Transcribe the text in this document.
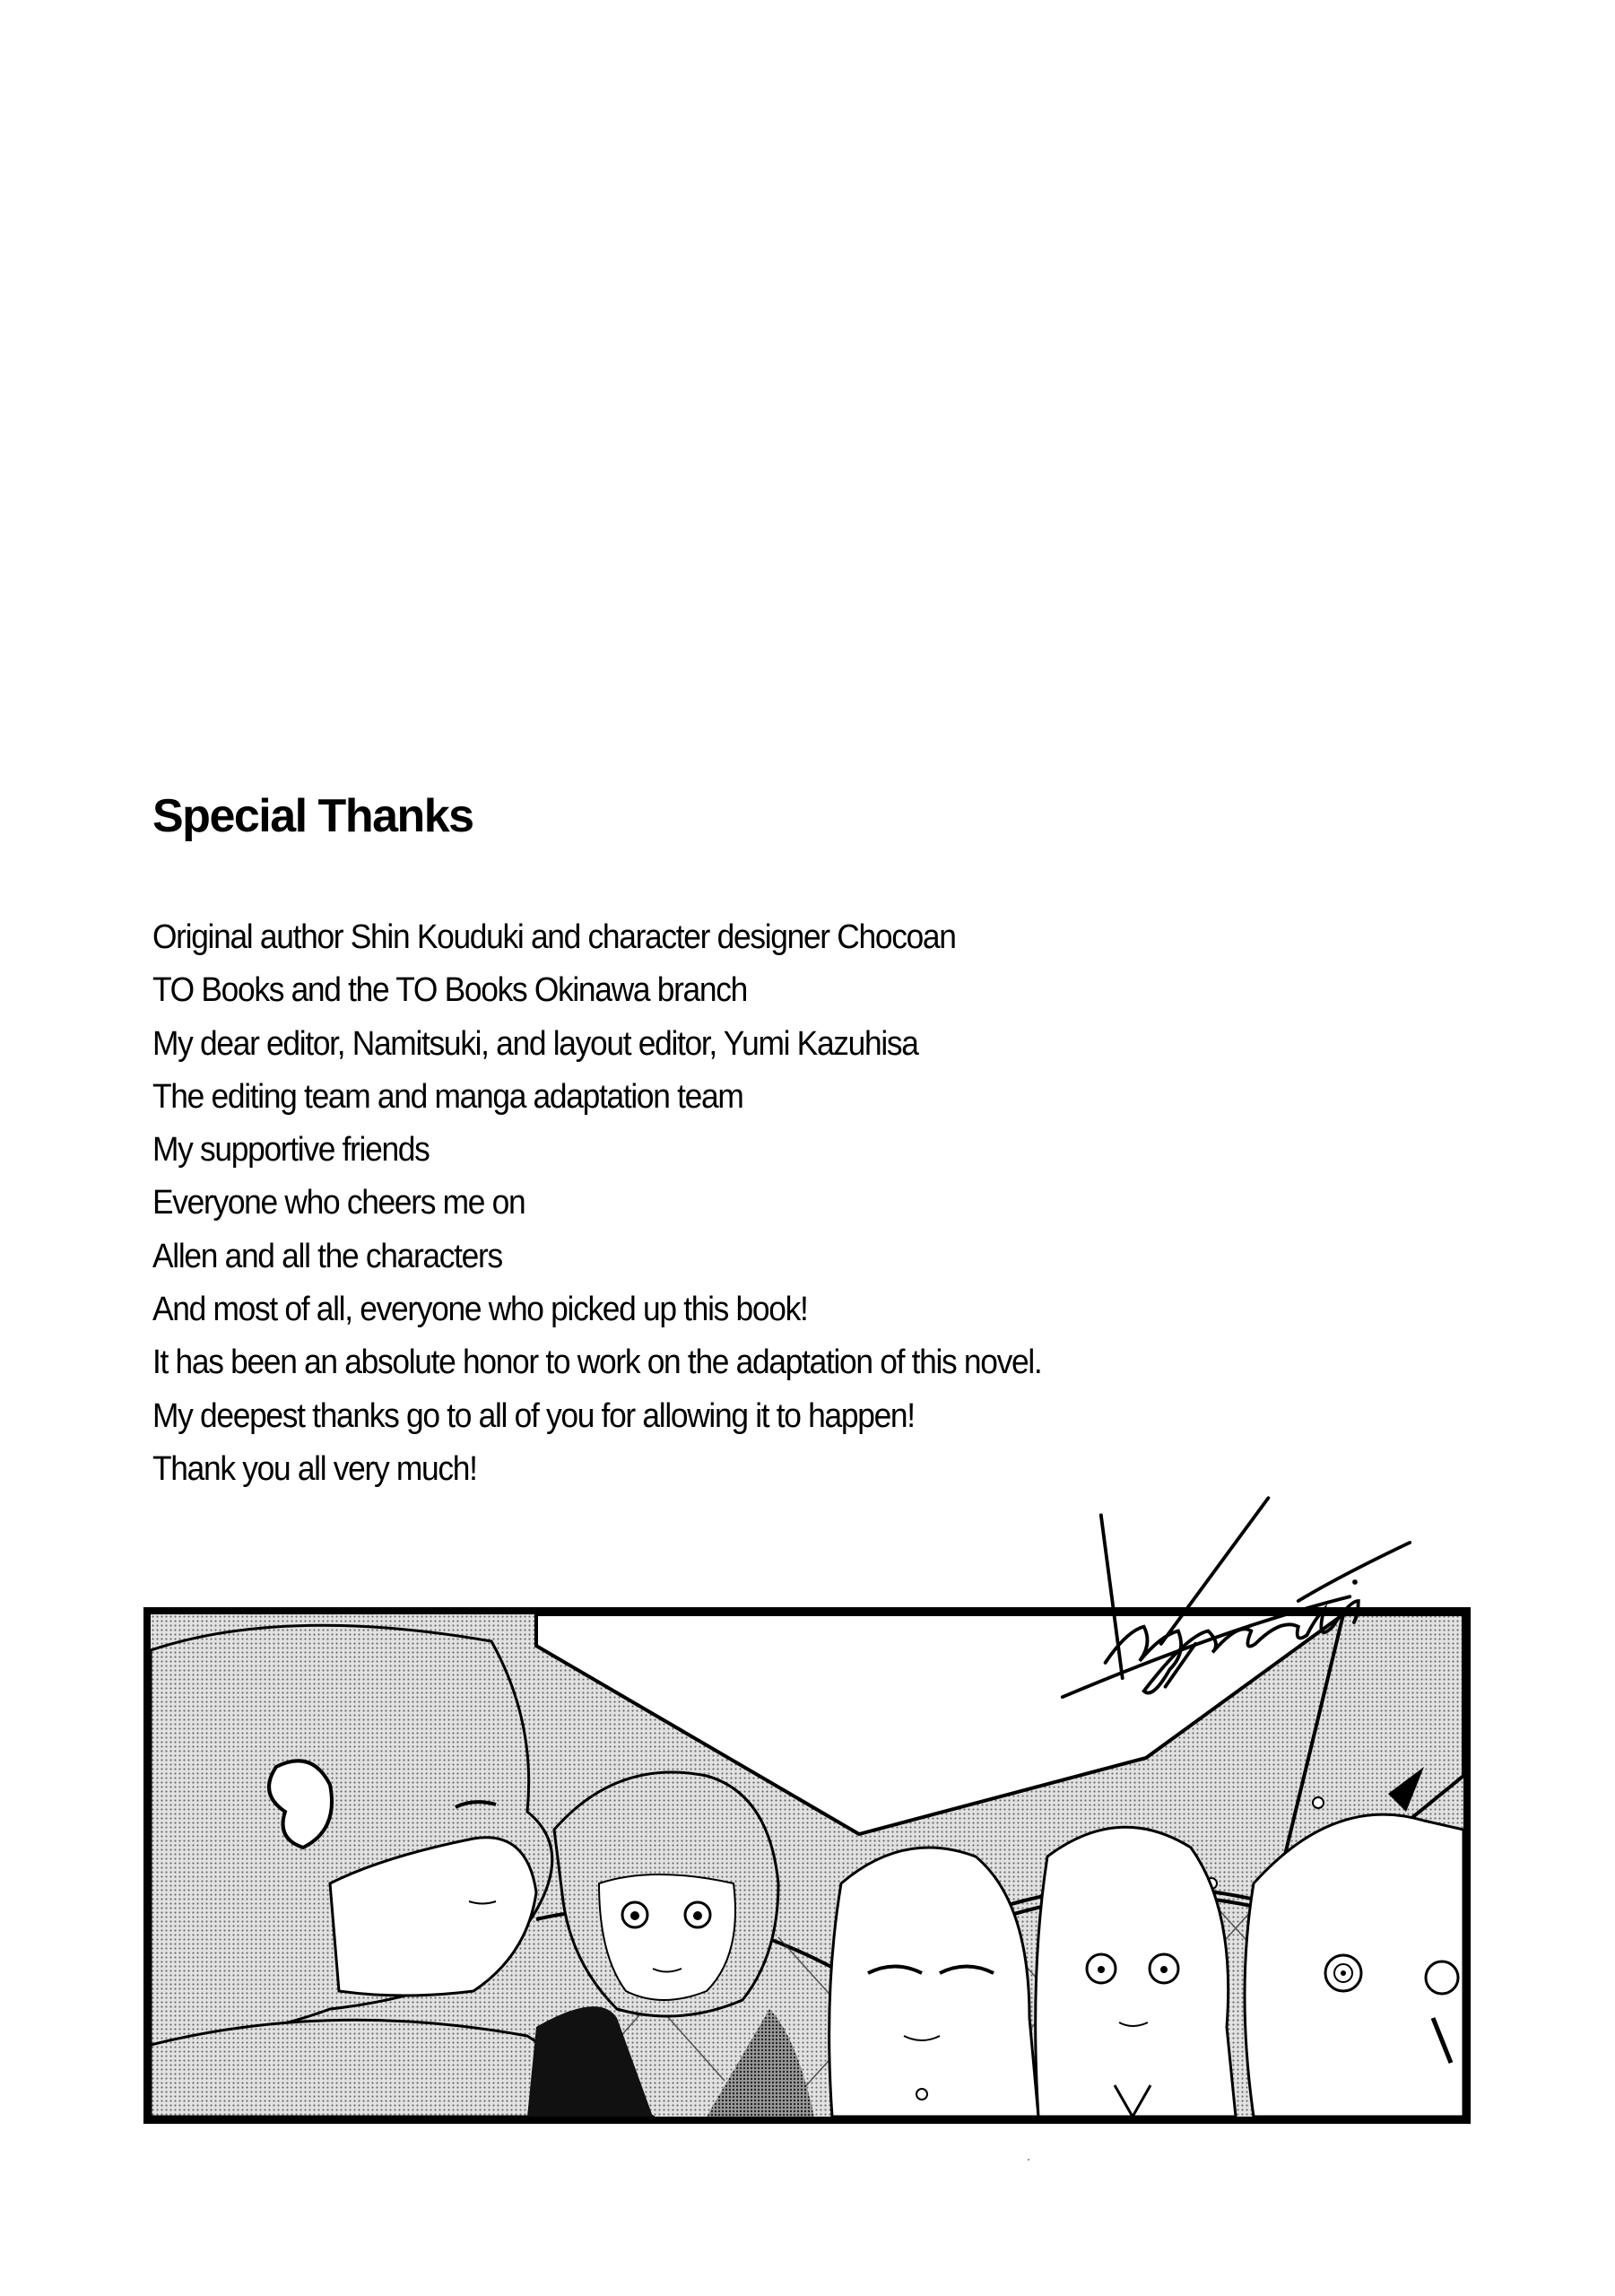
Special Thanks
Original author Shin Kouduki and character designer Chocoan
TO Books and the TO Books Okinawa branch
My dear editor, Namitsuki, and layout editor, Yumi Kazuhisa
The editing team and manga adaptation team
My supportive friends
Everyone who cheers me on
Allen and all the characters
And most of all, everyone who picked up this book!
It has been an absolute honor to work on the adaptation of this novel.
My deepest thanks go to all of you for allowing it to happen!
Thank you all very much!
